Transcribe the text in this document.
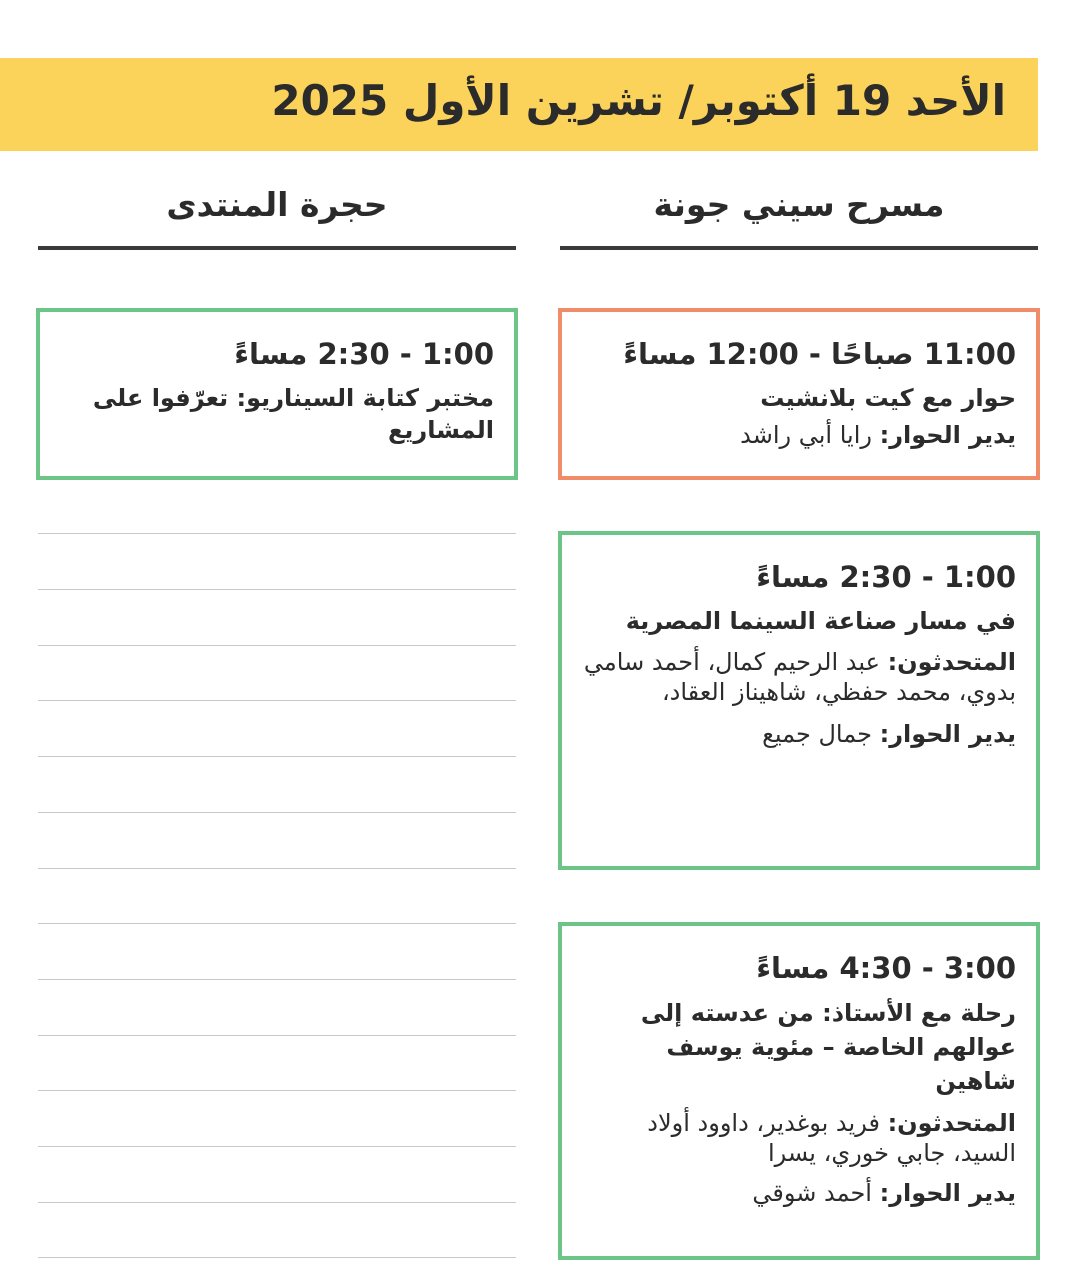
الأحد 19 أكتوبر/ تشرين الأول 2025
مسرح سيني جونة
حجرة المنتدى
11:00 صباحًا - 12:00 مساءً
حوار مع كيت بلانشيت
يدير الحوار: رايا أبي راشد
1:00 - 2:30 مساءً
في مسار صناعة السينما المصرية
المتحدثون: عبد الرحيم كمال، أحمد سامي بدوي، محمد حفظي، شاهيناز العقاد،
يدير الحوار: جمال جميع
3:00 - 4:30 مساءً
رحلة مع الأستاذ: من عدسته إلى عوالهم الخاصة – مئوية يوسف شاهين
المتحدثون: فريد بوغدير، داوود أولاد السيد، جابي خوري، يسرا
يدير الحوار: أحمد شوقي
1:00 - 2:30 مساءً
مختبر كتابة السيناريو: تعرّفوا على المشاريع
